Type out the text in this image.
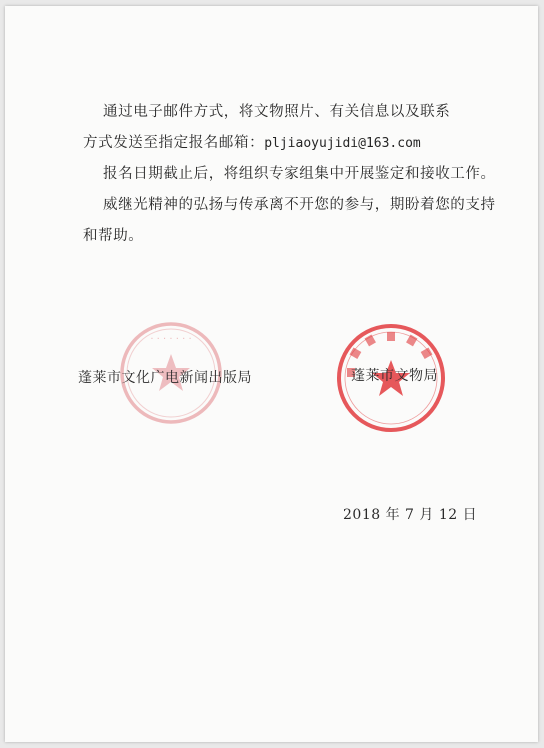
通过电子邮件方式，将文物照片、有关信息以及联系
方式发送至指定报名邮箱：pljiaoyujidi@163.com
报名日期截止后，将组织专家组集中开展鉴定和接收工作。
威继光精神的弘扬与传承离不开您的参与，期盼着您的支持
和帮助。
· · · · · · ·
蓬莱市文化广电新闻出版局	蓬莱市文物局
2018 年 7 月 12 日
